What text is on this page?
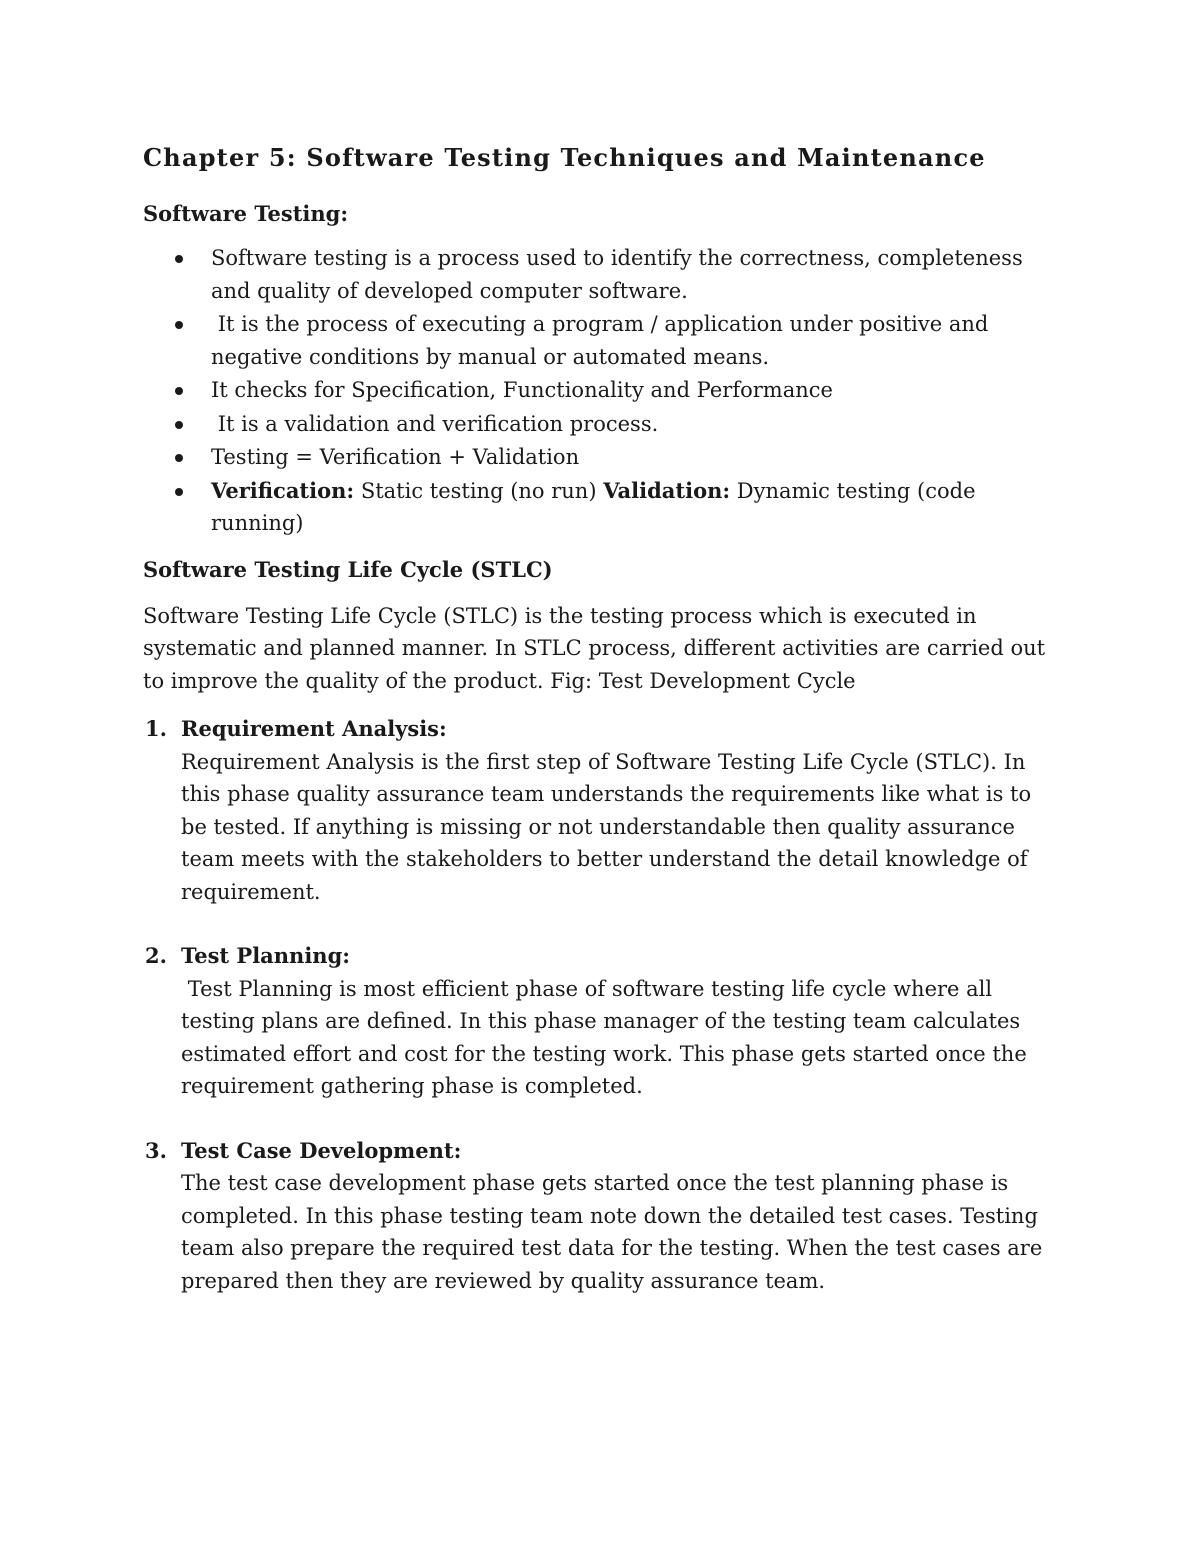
Chapter 5: Software Testing Techniques and Maintenance
Software Testing:
Software testing is a process used to identify the correctness, completeness and quality of developed computer software.
It is the process of executing a program / application under positive and negative conditions by manual or automated means.
It checks for Specification, Functionality and Performance
It is a validation and verification process.
Testing = Verification + Validation
Verification: Static testing (no run) Validation: Dynamic testing (code running)
Software Testing Life Cycle (STLC)

Software Testing Life Cycle (STLC) is the testing process which is executed in systematic and planned manner. In STLC process, different activities are carried out to improve the quality of the product. Fig: Test Development Cycle

1. Requirement Analysis:
Requirement Analysis is the first step of Software Testing Life Cycle (STLC). In this phase quality assurance team understands the requirements like what is to be tested. If anything is missing or not understandable then quality assurance team meets with the stakeholders to better understand the detail knowledge of requirement.
2. Test Planning:
Test Planning is most efficient phase of software testing life cycle where all testing plans are defined. In this phase manager of the testing team calculates estimated effort and cost for the testing work. This phase gets started once the requirement gathering phase is completed.
3. Test Case Development:
The test case development phase gets started once the test planning phase is completed. In this phase testing team note down the detailed test cases. Testing team also prepare the required test data for the testing. When the test cases are prepared then they are reviewed by quality assurance team.
